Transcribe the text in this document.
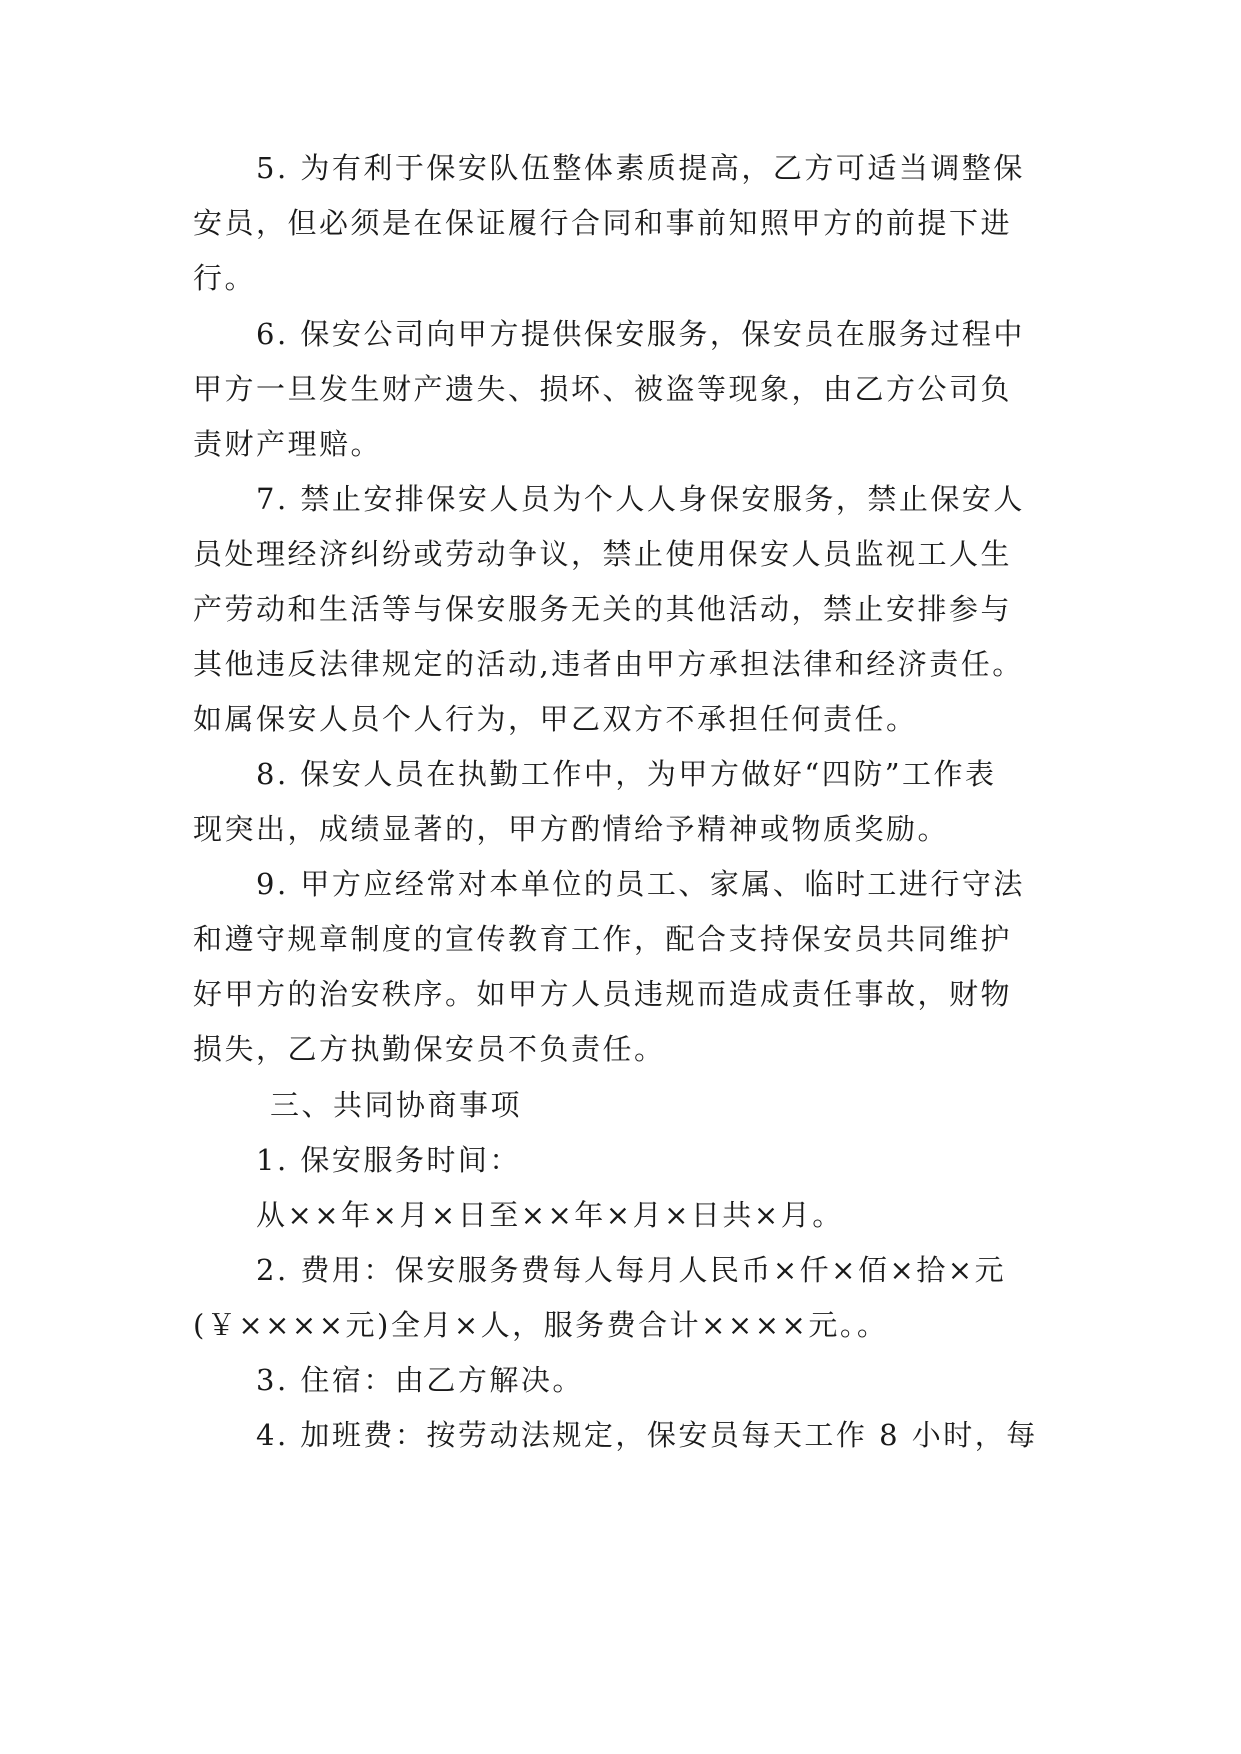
5. 为有利于保安队伍整体素质提高，乙方可适当调整保
安员，但必须是在保证履行合同和事前知照甲方的前提下进
行。
6. 保安公司向甲方提供保安服务，保安员在服务过程中
甲方一旦发生财产遗失、损坏、被盗等现象，由乙方公司负
责财产理赔。
7. 禁止安排保安人员为个人人身保安服务，禁止保安人
员处理经济纠纷或劳动争议，禁止使用保安人员监视工人生
产劳动和生活等与保安服务无关的其他活动，禁止安排参与
其他违反法律规定的活动,违者由甲方承担法律和经济责任。
如属保安人员个人行为，甲乙双方不承担任何责任。
8. 保安人员在执勤工作中，为甲方做好“四防”工作表
现突出，成绩显著的，甲方酌情给予精神或物质奖励。
9. 甲方应经常对本单位的员工、家属、临时工进行守法
和遵守规章制度的宣传教育工作，配合支持保安员共同维护
好甲方的治安秩序。如甲方人员违规而造成责任事故，财物
损失，乙方执勤保安员不负责任。
三、共同协商事项
1. 保安服务时间：
从××年×月×日至××年×月×日共×月。
2. 费用：保安服务费每人每月人民币×仟×佰×拾×元
(￥××××元)全月×人，服务费合计××××元。。
3. 住宿：由乙方解决。
4. 加班费：按劳动法规定，保安员每天工作 8 小时，每
